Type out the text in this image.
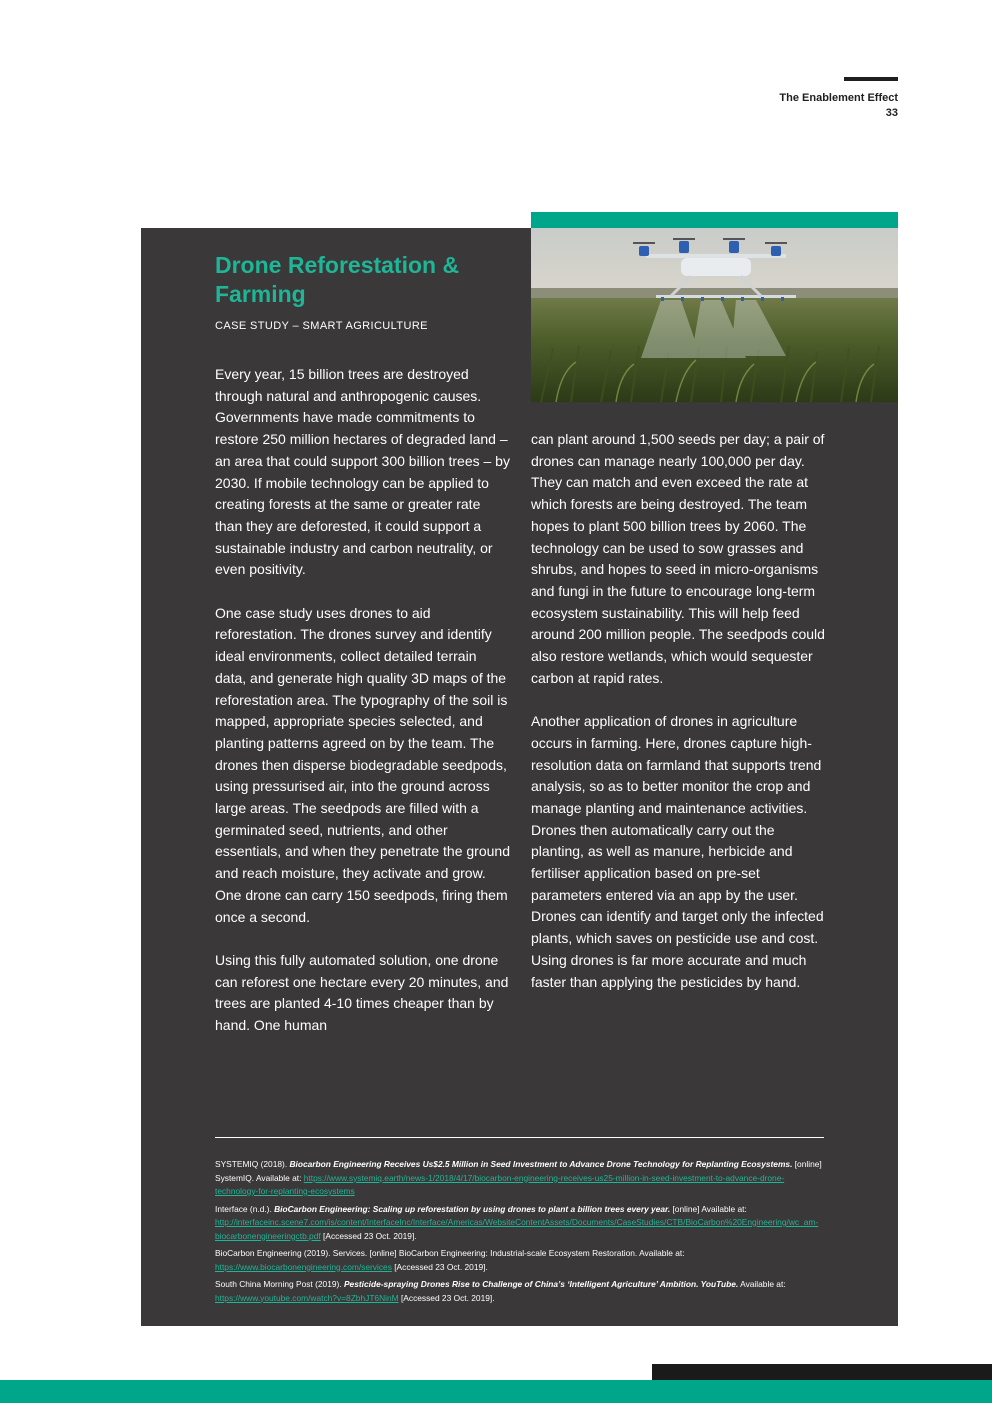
The Enablement Effect
33
Drone Reforestation & Farming
CASE STUDY – SMART AGRICULTURE

Every year, 15 billion trees are destroyed through natural and anthropogenic causes. Governments have made commitments to restore 250 million hectares of degraded land – an area that could support 300 billion trees – by 2030. If mobile technology can be applied to creating forests at the same or greater rate than they are deforested, it could support a sustainable industry and carbon neutrality, or even positivity.

One case study uses drones to aid reforestation. The drones survey and identify ideal environments, collect detailed terrain data, and generate high quality 3D maps of the reforestation area. The typography of the soil is mapped, appropriate species selected, and planting patterns agreed on by the team. The drones then disperse biodegradable seedpods, using pressurised air, into the ground across large areas. The seedpods are filled with a germinated seed, nutrients, and other essentials, and when they penetrate the ground and reach moisture, they activate and grow. One drone can carry 150 seedpods, firing them once a second.

Using this fully automated solution, one drone can reforest one hectare every 20 minutes, and trees are planted 4-10 times cheaper than by hand. One human

can plant around 1,500 seeds per day; a pair of drones can manage nearly 100,000 per day. They can match and even exceed the rate at which forests are being destroyed. The team hopes to plant 500 billion trees by 2060. The technology can be used to sow grasses and shrubs, and hopes to seed in micro-organisms and fungi in the future to encourage long-term ecosystem sustainability. This will help feed around 200 million people. The seedpods could also restore wetlands, which would sequester carbon at rapid rates.

Another application of drones in agriculture occurs in farming. Here, drones capture high-resolution data on farmland that supports trend analysis, so as to better monitor the crop and manage planting and maintenance activities. Drones then automatically carry out the planting, as well as manure, herbicide and fertiliser application based on pre-set parameters entered via an app by the user. Drones can identify and target only the infected plants, which saves on pesticide use and cost. Using drones is far more accurate and much faster than applying the pesticides by hand.

SYSTEMIQ (2018). Biocarbon Engineering Receives Us$2.5 Million in Seed Investment to Advance Drone Technology for Replanting Ecosystems. [online] SystemIQ. Available at: https://www.systemiq.earth/news-1/2018/4/17/biocarbon-engineering-receives-us25-million-in-seed-investment-to-advance-drone-technology-for-replanting-ecosystems
Interface (n.d.). BioCarbon Engineering: Scaling up reforestation by using drones to plant a billion trees every year. [online] Available at: http://interfaceinc.scene7.com/is/content/InterfaceInc/Interface/Americas/WebsiteContentAssets/Documents/CaseStudies/CTB/BioCarbon%20Engineering/wc_am-biocarbonengineeringctb.pdf [Accessed 23 Oct. 2019].
BioCarbon Engineering (2019). Services. [online] BioCarbon Engineering: Industrial-scale Ecosystem Restoration. Available at: https://www.biocarbonengineering.com/services [Accessed 23 Oct. 2019].
South China Morning Post (2019). Pesticide-spraying Drones Rise to Challenge of China’s ‘Intelligent Agriculture’ Ambition. YouTube. Available at: https://www.youtube.com/watch?v=8ZbhJT6NinM [Accessed 23 Oct. 2019].
